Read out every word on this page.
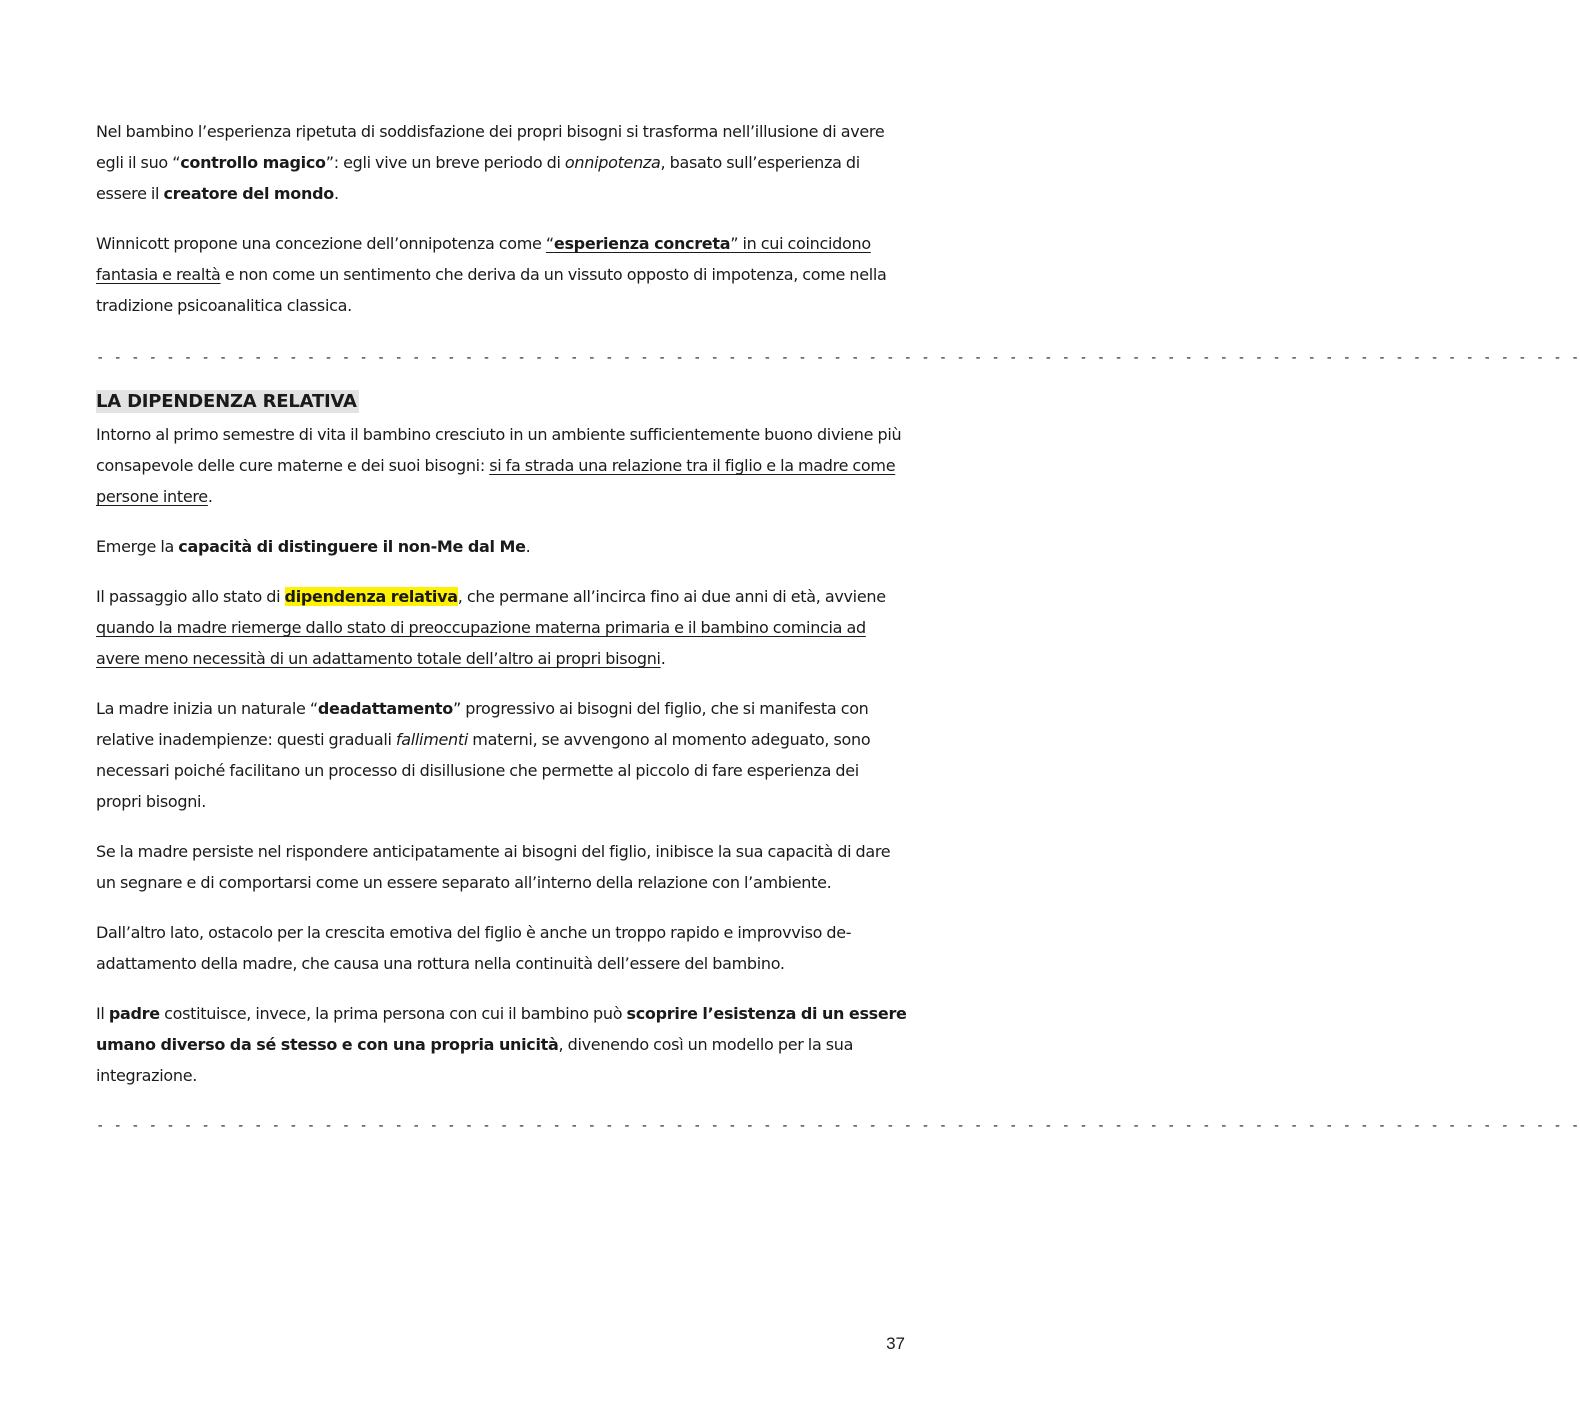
Nel bambino l’esperienza ripetuta di soddisfazione dei propri bisogni si trasforma nell’illusione di avere egli il suo “controllo magico”: egli vive un breve periodo di onnipotenza, basato sull’esperienza di essere il creatore del mondo.

Winnicott propone una concezione dell’onnipotenza come “esperienza concreta” in cui coincidono fantasia e realtà e non come un sentimento che deriva da un vissuto opposto di impotenza, come nella tradizione psicoanalitica classica.

- - - - - - - - - - - - - - - - - - - - - - - - - - - - - - - - - - - - - - - - - - - - - - - - - - - - - - - - - - - - - - - - - - - - - - - - - - - - - - - - - - - - -
LA DIPENDENZA RELATIVA

Intorno al primo semestre di vita il bambino cresciuto in un ambiente sufficientemente buono diviene più consapevole delle cure materne e dei suoi bisogni: si fa strada una relazione tra il figlio e la madre come persone intere.

Emerge la capacità di distinguere il non-Me dal Me.

Il passaggio allo stato di dipendenza relativa, che permane all’incirca fino ai due anni di età, avviene quando la madre riemerge dallo stato di preoccupazione materna primaria e il bambino comincia ad avere meno necessità di un adattamento totale dell’altro ai propri bisogni.

La madre inizia un naturale “deadattamento” progressivo ai bisogni del figlio, che si manifesta con relative inadempienze: questi graduali fallimenti materni, se avvengono al momento adeguato, sono necessari poiché facilitano un processo di disillusione che permette al piccolo di fare esperienza dei propri bisogni.

Se la madre persiste nel rispondere anticipatamente ai bisogni del figlio, inibisce la sua capacità di dare un segnare e di comportarsi come un essere separato all’interno della relazione con l’ambiente.

Dall’altro lato, ostacolo per la crescita emotiva del figlio è anche un troppo rapido e improvviso de-adattamento della madre, che causa una rottura nella continuità dell’essere del bambino.

Il padre costituisce, invece, la prima persona con cui il bambino può scoprire l’esistenza di un essere umano diverso da sé stesso e con una propria unicità, divenendo così un modello per la sua integrazione.

- - - - - - - - - - - - - - - - - - - - - - - - - - - - - - - - - - - - - - - - - - - - - - - - - - - - - - - - - - - - - - - - - - - - - - - - - - - - - - - - - - - - -
37
